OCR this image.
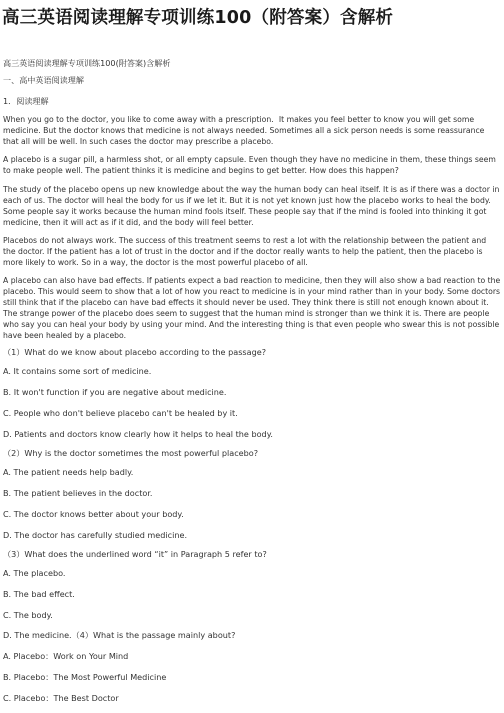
高三英语阅读理解专项训练100（附答案）含解析

高三英语阅读理解专项训练100(附答案)含解析

一、高中英语阅读理解

1．阅读理解

When you go to the doctor, you like to come away with a prescription．It makes you feel better to know you will get some medicine. But the doctor knows that medicine is not always needed. Sometimes all a sick person needs is some reassurance that all will be well. In such cases the doctor may prescribe a placebo.

A placebo is a sugar pill, a harmless shot, or all empty capsule. Even though they have no medicine in them, these things seem to make people well. The patient thinks it is medicine and begins to get better. How does this happen?

The study of the placebo opens up new knowledge about the way the human body can heal itself. It is as if there was a doctor in each of us. The doctor will heal the body for us if we let it. But it is not yet known just how the placebo works to heal the body. Some people say it works because the human mind fools itself. These people say that if the mind is fooled into thinking it got medicine, then it will act as if it did, and the body will feel better.

Placebos do not always work. The success of this treatment seems to rest a lot with the relationship between the patient and the doctor. If the patient has a lot of trust in the doctor and if the doctor really wants to help the patient, then the placebo is more likely to work. So in a way, the doctor is the most powerful placebo of all.

A placebo can also have bad effects. If patients expect a bad reaction to medicine, then they will also show a bad reaction to the placebo. This would seem to show that a lot of how you react to medicine is in your mind rather than in your body. Some doctors still think that if the placebo can have bad effects it should never be used. They think there is still not enough known about it. The strange power of the placebo does seem to suggest that the human mind is stronger than we think it is. There are people who say you can heal your body by using your mind. And the interesting thing is that even people who swear this is not possible have been healed by a placebo.

（1）What do we know about placebo according to the passage?

A. It contains some sort of medicine.

B. It won't function if you are negative about medicine.

C. People who don't believe placebo can't be healed by it.

D. Patients and doctors know clearly how it helps to heal the body.

（2）Why is the doctor sometimes the most powerful placebo?

A. The patient needs help badly.

B. The patient believes in the doctor.

C. The doctor knows better about your body.

D. The doctor has carefully studied medicine.

（3）What does the underlined word “it” in Paragraph 5 refer to?

A. The placebo.

B. The bad effect.

C. The body.

D. The medicine.（4）What is the passage mainly about?

A. Placebo：Work on Your Mind

B. Placebo：The Most Powerful Medicine

C. Placebo：The Best Doctor
